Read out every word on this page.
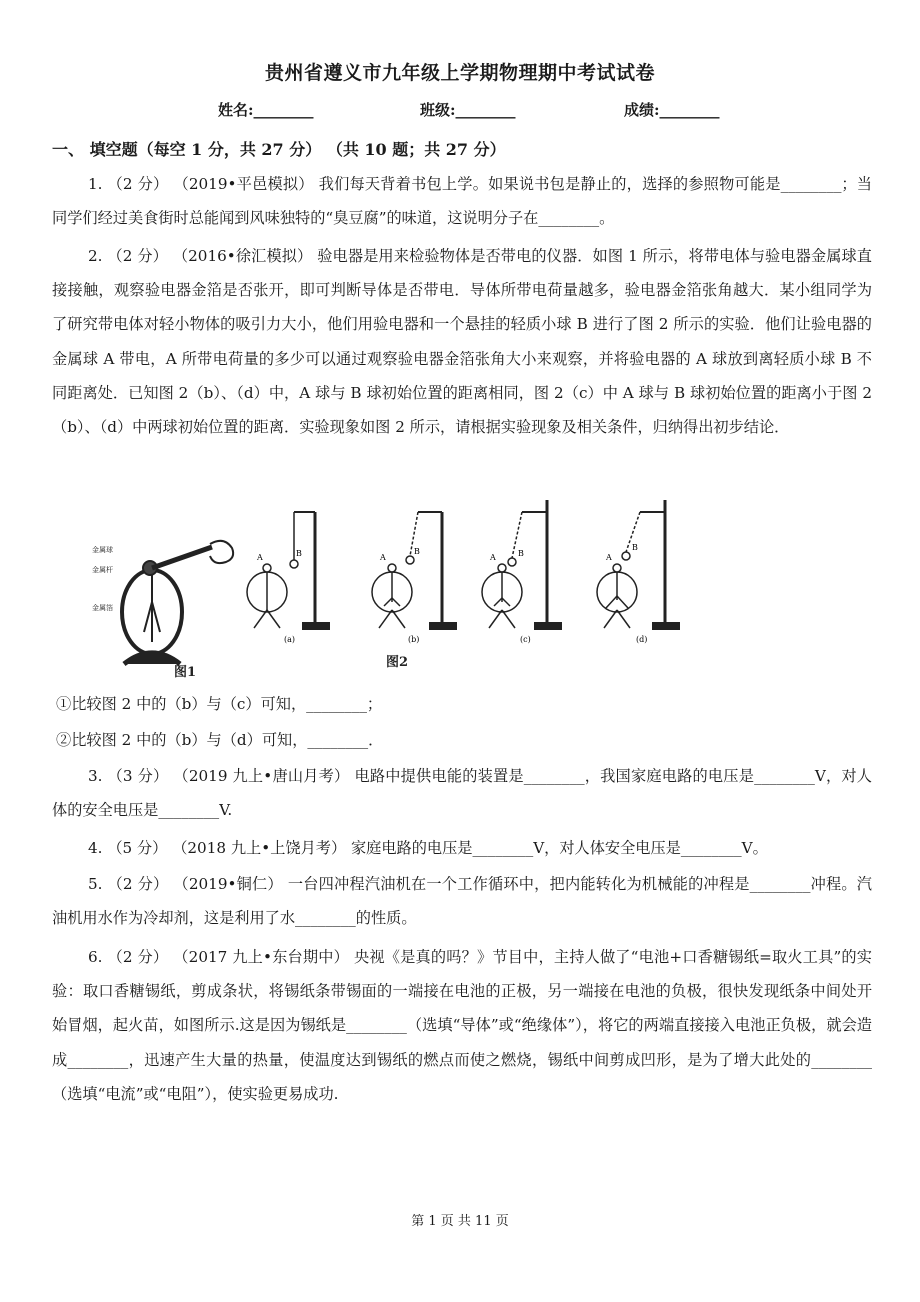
贵州省遵义市九年级上学期物理期中考试试卷
姓名:________	班级:________	成绩:________
一、 填空题（每空 1 分，共 27 分） （共 10 题；共 27 分）
1. （2 分） （2019•平邑模拟） 我们每天背着书包上学。如果说书包是静止的，选择的参照物可能是________；当同学们经过美食街时总能闻到风味独特的“臭豆腐”的味道，这说明分子在________。
2. （2 分） （2016•徐汇模拟） 验电器是用来检验物体是否带电的仪器．如图 1 所示，将带电体与验电器金属球直接接触，观察验电器金箔是否张开，即可判断导体是否带电．导体所带电荷量越多，验电器金箔张角越大．某小组同学为了研究带电体对轻小物体的吸引力大小，他们用验电器和一个悬挂的轻质小球 B 进行了图 2 所示的实验．他们让验电器的金属球 A 带电，A 所带电荷量的多少可以通过观察验电器金箔张角大小来观察，并将验电器的 A 球放到离轻质小球 B 不同距离处．已知图 2（b）、（d）中，A 球与 B 球初始位置的距离相同，图 2（c）中 A 球与 B 球初始位置的距离小于图 2（b）、（d）中两球初始位置的距离．实验现象如图 2 所示，请根据实验现象及相关条件，归纳得出初步结论．
金属球
金属杆
金属箔
图1
A	B
(a)
A
B
图2
A	B
(c)
A
B
(d)
(b)
①比较图 2 中的（b）与（c）可知，________；
②比较图 2 中的（b）与（d）可知，________．
3. （3 分） （2019 九上•唐山月考） 电路中提供电能的装置是________，我国家庭电路的电压是________V，对人体的安全电压是________V.
4. （5 分） （2018 九上•上饶月考） 家庭电路的电压是________V，对人体安全电压是________V。
5. （2 分） （2019•铜仁） 一台四冲程汽油机在一个工作循环中，把内能转化为机械能的冲程是________冲程。汽油机用水作为冷却剂，这是利用了水________的性质。
6. （2 分） （2017 九上•东台期中） 央视《是真的吗？》节目中，主持人做了“电池+口香糖锡纸=取火工具”的实验：取口香糖锡纸，剪成条状，将锡纸条带锡面的一端接在电池的正极，另一端接在电池的负极，很快发现纸条中间处开始冒烟，起火苗，如图所示.这是因为锡纸是________（选填“导体”或“绝缘体”），将它的两端直接接入电池正负极，就会造成________，迅速产生大量的热量，使温度达到锡纸的燃点而使之燃烧，锡纸中间剪成凹形，是为了增大此处的________（选填“电流”或“电阻”），使实验更易成功.
第 1 页 共 11 页
